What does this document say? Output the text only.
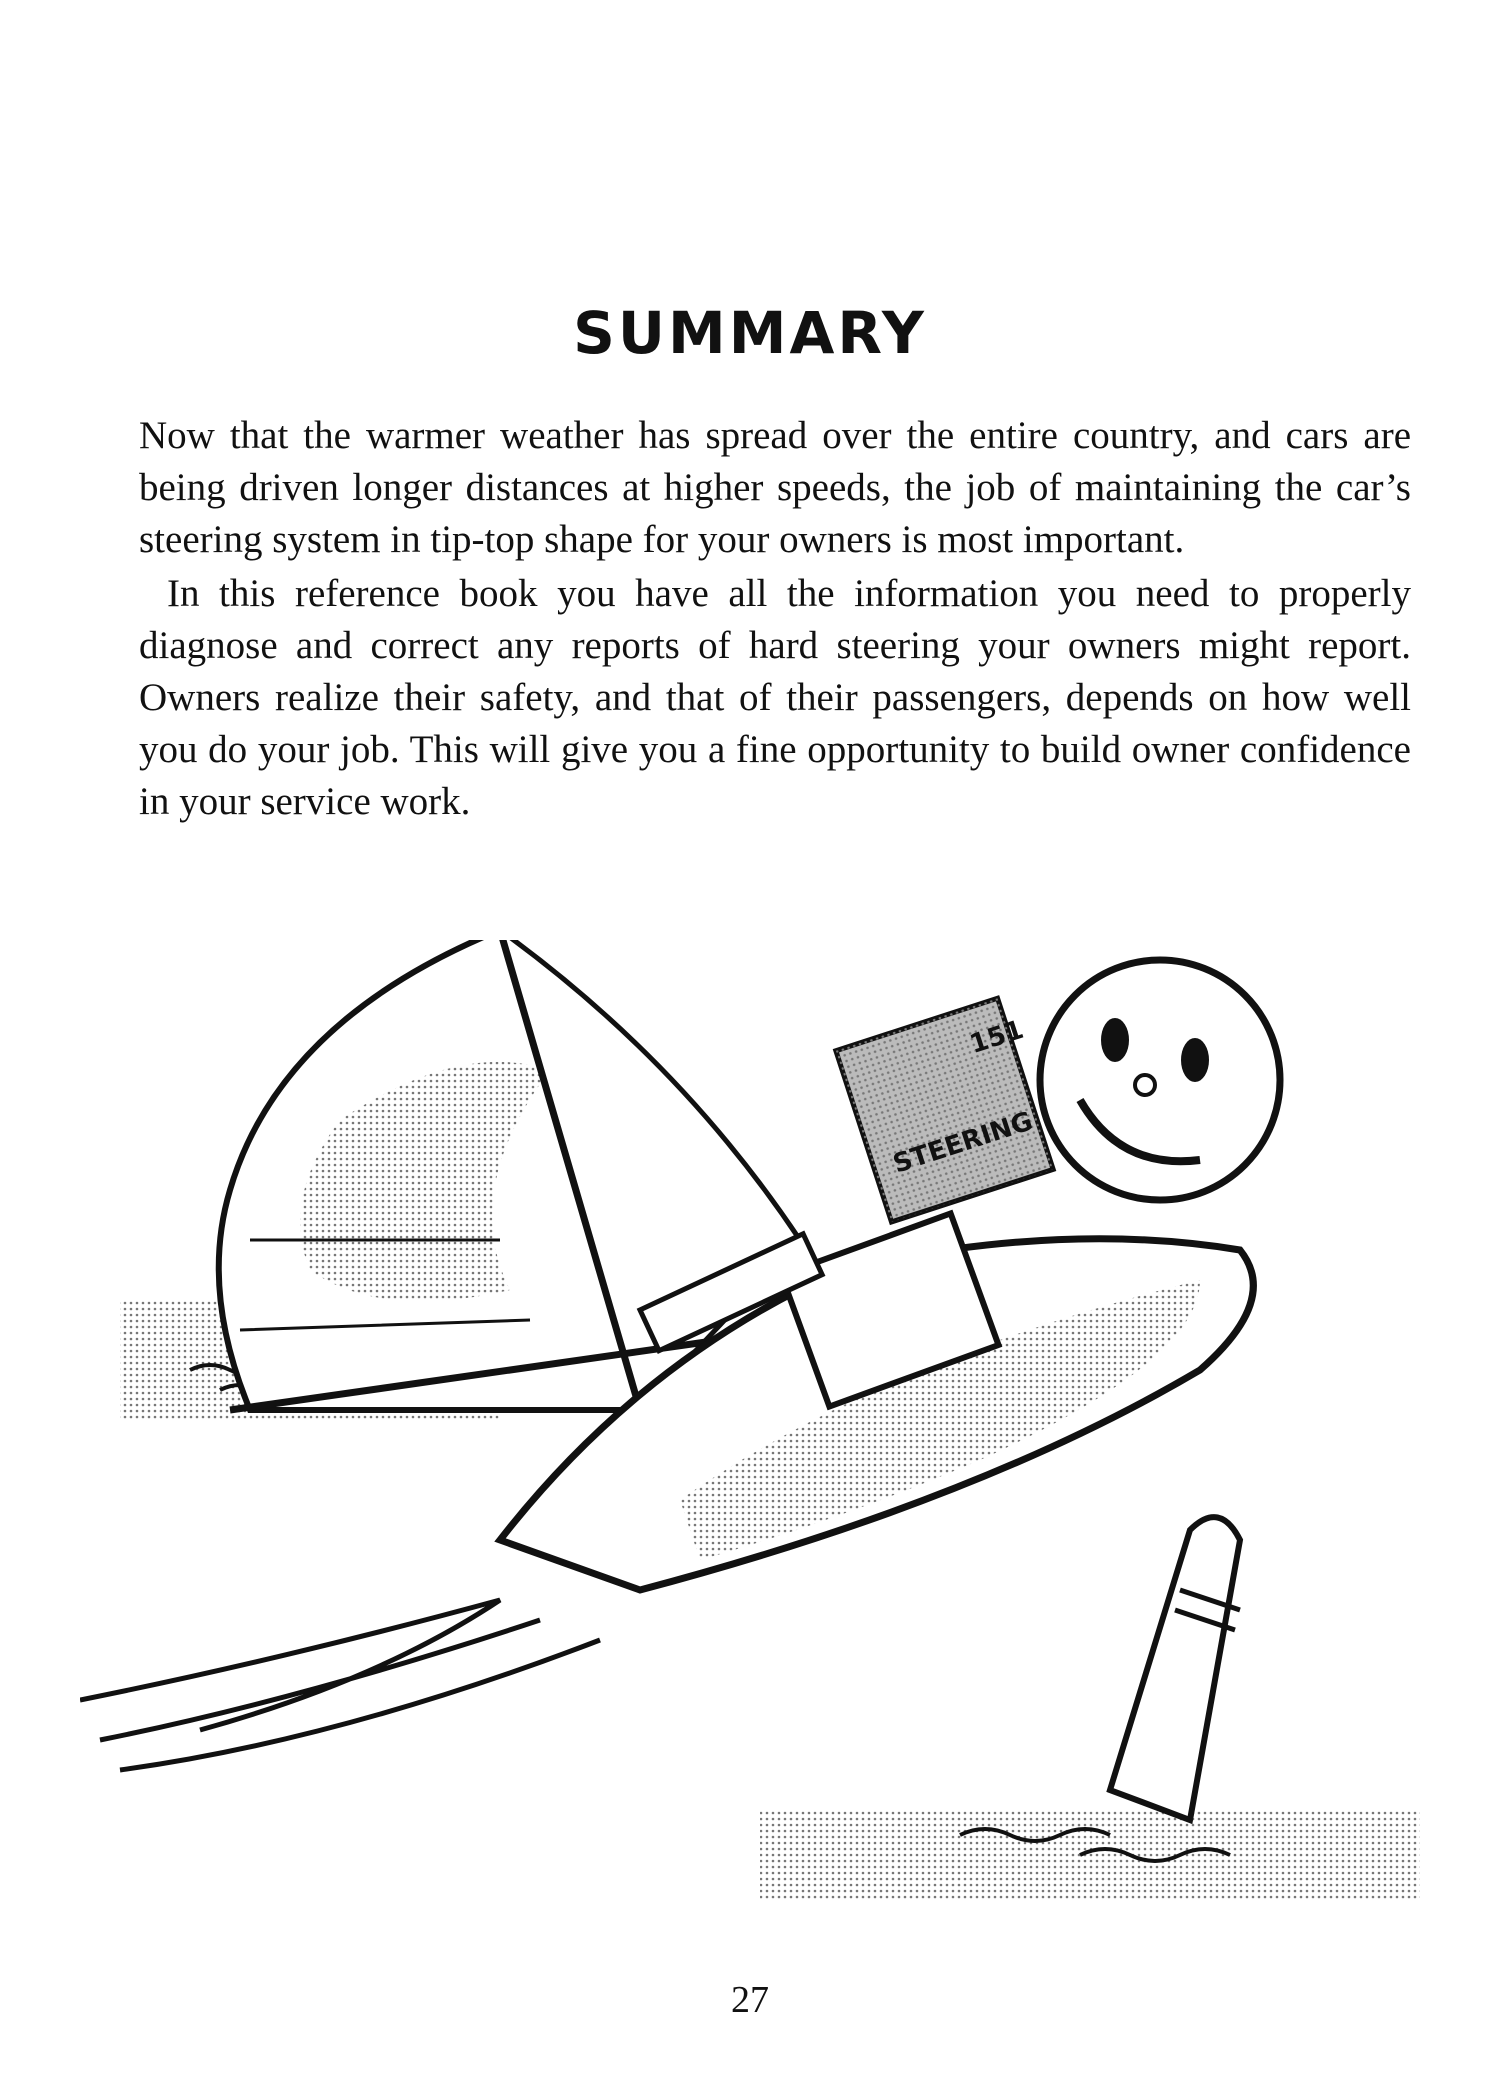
SUMMARY

Now that the warmer weather has spread over the entire country, and cars are being driven longer distances at higher speeds, the job of maintaining the car’s steering system in tip-top shape for your owners is most important.

In this reference book you have all the information you need to properly diagnose and correct any reports of hard steering your owners might report. Owners realize their safety, and that of their passengers, depends on how well you do your job. This will give you a fine opportunity to build owner confidence in your service work.

151
STEERING
27
